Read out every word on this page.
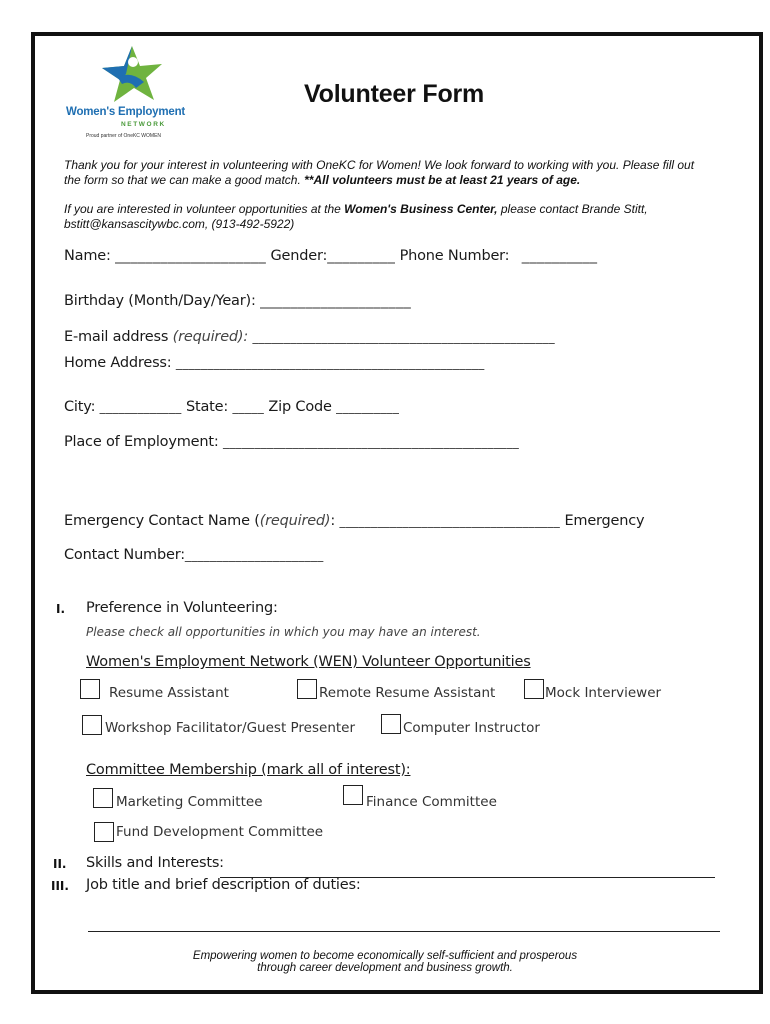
Women's Employment
NETWORK
Proud partner of OneKC WOMEN
Volunteer Form
Thank you for your interest in volunteering with OneKC for Women! We look forward to working with you. Please fill out
the form so that we can make a good match. **All volunteers must be at least 21 years of age.
If you are interested in volunteer opportunities at the Women's Business Center, please contact Brande Stitt,
bstitt@kansascitywbc.com, (913-492-5922)
Name: ____________________ Gender:_________ Phone Number: __________
Birthday (Month/Day/Year): ____________________
E-mail address (required): ________________________________________________
Home Address: _________________________________________________
City: _____________ State: _____ Zip Code __________
Place of Employment: _______________________________________________
Emergency Contact Name ((required): ___________________________________ Emergency
Contact Number:______________________
I. Preference in Volunteering:
Please check all opportunities in which you may have an interest.
Women's Employment Network (WEN) Volunteer Opportunities
Resume Assistant	Remote Resume Assistant	Mock Interviewer
Workshop Facilitator/Guest Presenter	Computer Instructor
Committee Membership (mark all of interest):
Marketing Committee	Finance Committee
Fund Development Committee
II. Skills and Interests:
III. Job title and brief description of duties:
Empowering women to become economically self-sufficient and prosperous
through career development and business growth.
